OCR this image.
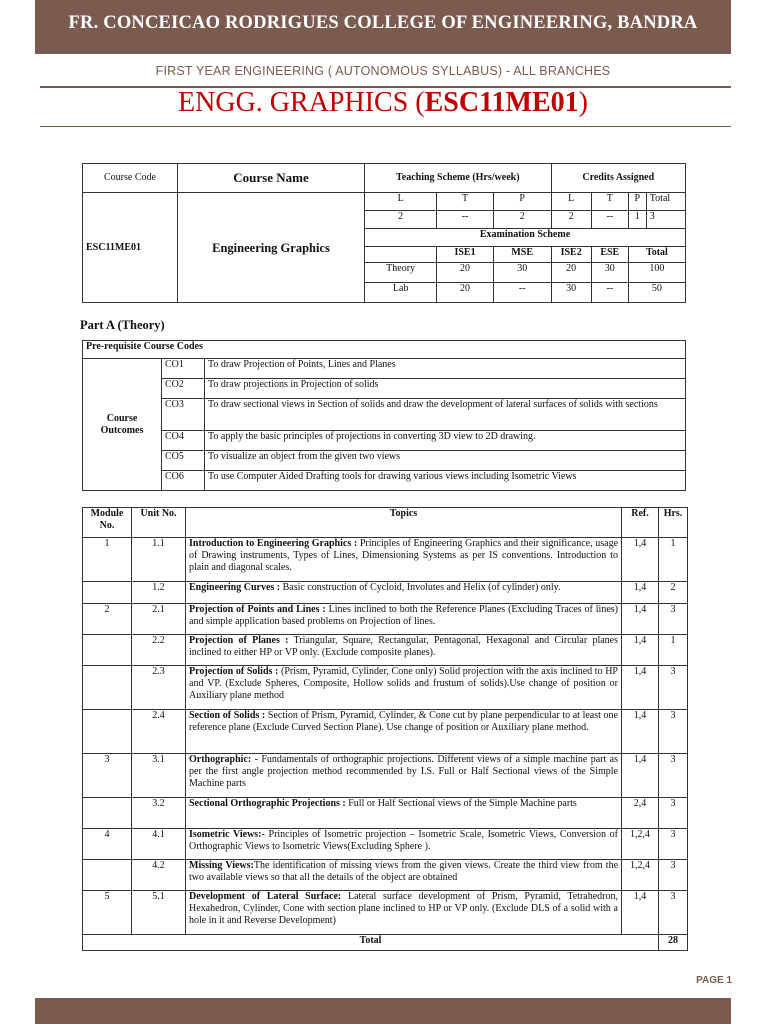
FR. CONCEICAO RODRIGUES COLLEGE OF ENGINEERING, BANDRA
FIRST YEAR ENGINEERING ( AUTONOMOUS SYLLABUS) - ALL BRANCHES
ENGG. GRAPHICS (ESC11ME01)
Course Code	Course Name	Teaching Scheme (Hrs/week)			Credits Assigned			
ESC11ME01	Engineering Graphics	L	T	P	L	T	P	Total
		2	--	2	2	--	1	3
		Examination Scheme						
			ISE1	MSE	ISE2	ESE	Total	
		Theory	20	30	20	30	100	
		Lab	20	--	30	--	50	
Part A (Theory)
Pre-requisite Course Codes		
Course Outcomes	CO1	To draw Projection of Points, Lines and Planes
	CO2	To draw projections in Projection of solids
	CO3	To draw sectional views in Section of solids and draw the development of lateral surfaces of solids with sections
	CO4	To apply the basic principles of projections in converting 3D view to 2D drawing.
	CO5	To visualize an object from the given two views
	CO6	To use Computer Aided Drafting tools for drawing various views including Isometric Views
Module No.	Unit No.	Topics	Ref.	Hrs.
1	1.1	Introduction to Engineering Graphics : Principles of Engineering Graphics and their significance, usage of Drawing instruments, Types of Lines, Dimensioning Systems as per IS conventions. Introduction to plain and diagonal scales.	1,4	1
	1.2	Engineering Curves : Basic construction of Cycloid, Involutes and Helix (of cylinder) only.	1,4	2
2	2.1	Projection of Points and Lines : Lines inclined to both the Reference Planes (Excluding Traces of lines) and simple application based problems on Projection of lines.	1,4	3
	2.2	Projection of Planes : Triangular, Square, Rectangular, Pentagonal, Hexagonal and Circular planes inclined to either HP or VP only. (Exclude composite planes).	1,4	1
	2.3	Projection of Solids : (Prism, Pyramid, Cylinder, Cone only) Solid projection with the axis inclined to HP and VP. (Exclude Spheres, Composite, Hollow solids and frustum of solids).Use change of position or Auxiliary plane method	1,4	3
	2.4	Section of Solids : Section of Prism, Pyramid, Cylinder, & Cone cut by plane perpendicular to at least one reference plane (Exclude Curved Section Plane). Use change of position or Auxiliary plane method.	1,4	3
3	3.1	Orthographic: - Fundamentals of orthographic projections. Different views of a simple machine part as per the first angle projection method recommended by I.S. Full or Half Sectional views of the Simple Machine parts	1,4	3
	3.2	Sectional Orthographic Projections : Full or Half Sectional views of the Simple Machine parts	2,4	3
4	4.1	Isometric Views:- Principles of Isometric projection – Isometric Scale, Isometric Views, Conversion of Orthographic Views to Isometric Views(Excluding Sphere ).	1,2,4	3
	4.2	Missing Views:The identification of missing views from the given views. Create the third view from the two available views so that all the details of the object are obtained	1,2,4	3
5	5.1	Development of Lateral Surface: Lateral surface development of Prism, Pyramid, Tetrahedron, Hexahedron, Cylinder, Cone with section plane inclined to HP or VP only. (Exclude DLS of a solid with a hole in it and Reverse Development)	1,4	3
Total				28
PAGE 1
